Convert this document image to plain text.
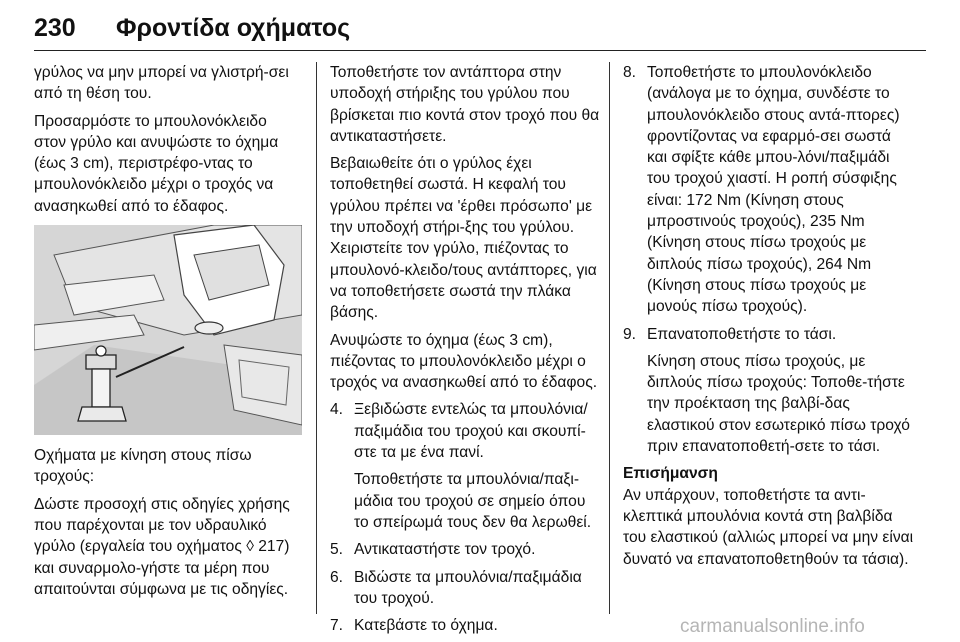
230 Φροντίδα οχήματος

γρύλος να μην μπορεί να γλιστρή-σει από τη θέση του.

Προσαρμόστε το μπουλονόκλειδο στον γρύλο και ανυψώστε το όχημα (έως 3 cm), περιστρέφο-ντας το μπουλονόκλειδο μέχρι ο τροχός να ανασηκωθεί από το έδαφος.

Οχήματα με κίνηση στους πίσω τροχούς:

Δώστε προσοχή στις οδηγίες χρήσης που παρέχονται με τον υδραυλικό γρύλο (εργαλεία του οχήματος ◊ 217) και συναρμολο-γήστε τα μέρη που απαιτούνται σύμφωνα με τις οδηγίες.

Τοποθετήστε τον αντάπτορα στην υποδοχή στήριξης του γρύλου που βρίσκεται πιο κοντά στον τροχό που θα αντικαταστήσετε.

Βεβαιωθείτε ότι ο γρύλος έχει τοποθετηθεί σωστά. Η κεφαλή του γρύλου πρέπει να 'έρθει πρόσωπο' με την υποδοχή στήρι-ξης του γρύλου. Χειριστείτε τον γρύλο, πιέζοντας το μπουλονό-κλειδο/τους αντάπτορες, για να τοποθετήσετε σωστά την πλάκα βάσης.

Ανυψώστε το όχημα (έως 3 cm), πιέζοντας το μπουλονόκλειδο μέχρι ο τροχός να ανασηκωθεί από το έδαφος.

4. Ξεβιδώστε εντελώς τα μπουλόνια/παξιμάδια του τροχού και σκουπί-στε τα με ένα πανί.

Τοποθετήστε τα μπουλόνια/παξι-μάδια του τροχού σε σημείο όπου το σπείρωμά τους δεν θα λερωθεί.

5. Αντικαταστήστε τον τροχό.

6. Βιδώστε τα μπουλόνια/παξιμάδια του τροχού.

7. Κατεβάστε το όχημα.

8. Τοποθετήστε το μπουλονόκλειδο (ανάλογα με το όχημα, συνδέστε το μπουλονόκλειδο στους αντά-πτορες) φροντίζοντας να εφαρμό-σει σωστά και σφίξτε κάθε μπου-λόνι/παξιμάδι του τροχού χιαστί. Η ροπή σύσφιξης είναι: 172 Nm (Κίνηση στους μπροστινούς τροχούς), 235 Nm (Κίνηση στους πίσω τροχούς με διπλούς πίσω τροχούς), 264 Nm (Κίνηση στους πίσω τροχούς με μονούς πίσω τροχούς).

9. Επανατοποθετήστε το τάσι.

Κίνηση στους πίσω τροχούς, με διπλούς πίσω τροχούς: Τοποθε-τήστε την προέκταση της βαλβί-δας ελαστικού στον εσωτερικό πίσω τροχό πριν επανατοποθετή-σετε το τάσι.

Επισήμανση

Αν υπάρχουν, τοποθετήστε τα αντι-κλεπτικά μπουλόνια κοντά στη βαλβίδα του ελαστικού (αλλιώς μπορεί να μην είναι δυνατό να επανατοποθετηθούν τα τάσια).

carmanualsonline.info
